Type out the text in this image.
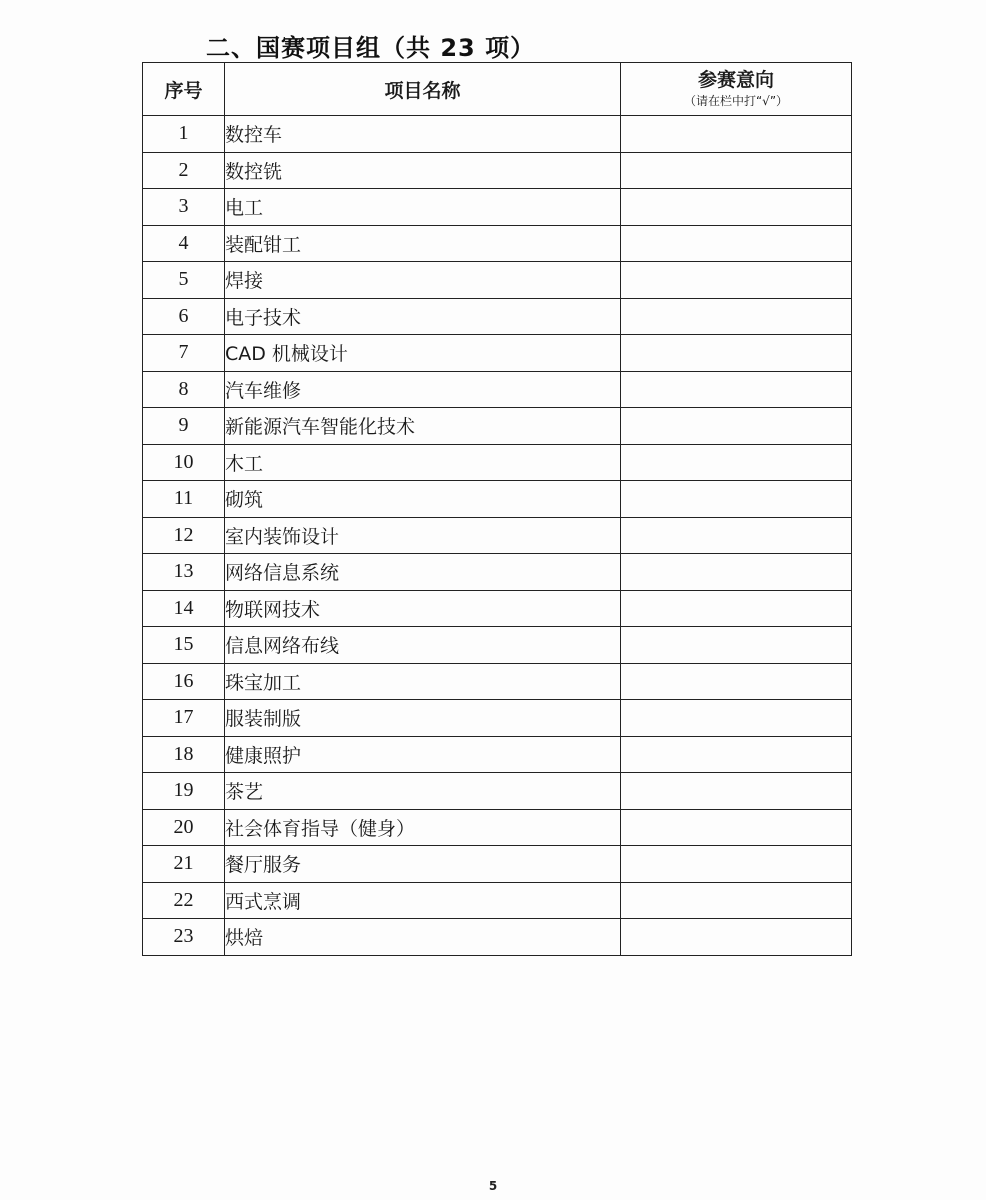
二、国赛项目组（共 23 项）
序号	项目名称	参赛意向
（请在栏中打“√”）

1	数控车	
2	数控铣	
3	电工	
4	装配钳工	
5	焊接	
6	电子技术	
7	CAD 机械设计	
8	汽车维修	
9	新能源汽车智能化技术	
10	木工	
11	砌筑	
12	室内装饰设计	
13	网络信息系统	
14	物联网技术	
15	信息网络布线	
16	珠宝加工	
17	服装制版	
18	健康照护	
19	茶艺	
20	社会体育指导（健身）	
21	餐厅服务	
22	西式烹调	
23	烘焙	
5
